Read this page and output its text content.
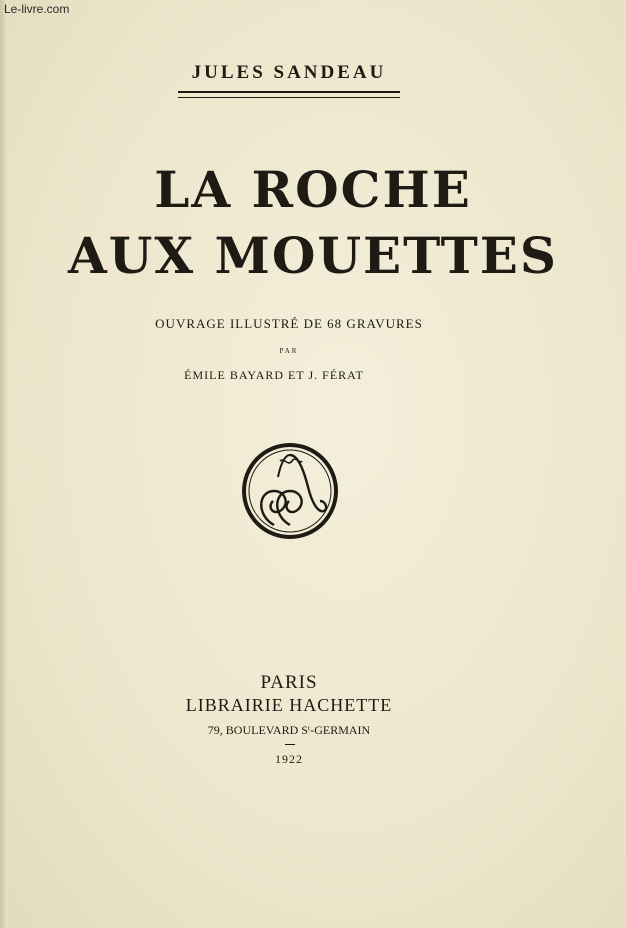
Le-livre.com
JULES SANDEAU
LA ROCHE
AUX MOUETTES
OUVRAGE ILLUSTRÉ DE 68 GRAVURES
PAR
ÉMILE BAYARD ET J. FÉRAT
PARIS
LIBRAIRIE HACHETTE
79, BOULEVARD Sᵗ-GERMAIN
1922
